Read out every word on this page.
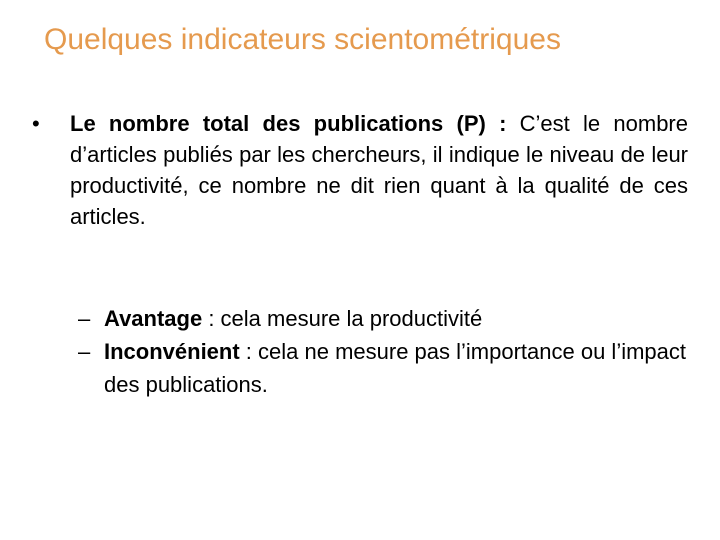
Quelques indicateurs scientométriques
•	Le nombre total des publications (P) : C’est le nombre d’articles publiés par les chercheurs, il indique le niveau de leur productivité, ce nombre ne dit rien quant à la qualité de ces articles.
– Avantage : cela mesure la productivité
– Inconvénient : cela ne mesure pas l’importance ou l’impact des publications.
